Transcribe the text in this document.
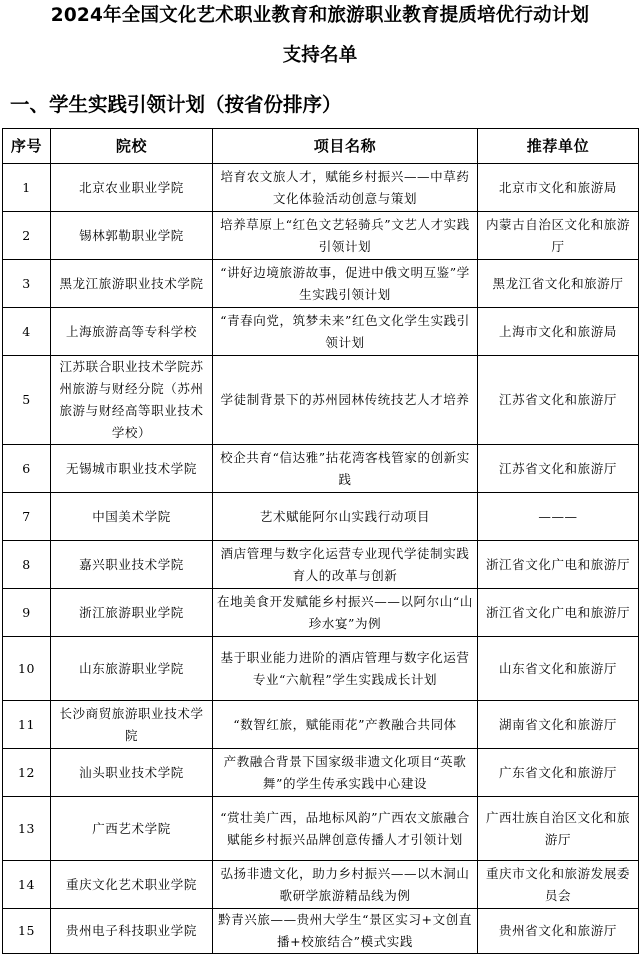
2024年全国文化艺术职业教育和旅游职业教育提质培优行动计划
支持名单
一、学生实践引领计划（按省份排序）
序号	院校	项目名称	推荐单位
1	北京农业职业学院	培育农文旅人才，赋能乡村振兴——中草药文化体验活动创意与策划	北京市文化和旅游局
2	锡林郭勒职业学院	培养草原上“红色文艺轻骑兵”文艺人才实践引领计划	内蒙古自治区文化和旅游厅
3	黑龙江旅游职业技术学院	“讲好边境旅游故事，促进中俄文明互鉴”学生实践引领计划	黑龙江省文化和旅游厅
4	上海旅游高等专科学校	“青春向党，筑梦未来”红色文化学生实践引领计划	上海市文化和旅游局
5	江苏联合职业技术学院苏州旅游与财经分院（苏州旅游与财经高等职业技术学校）	学徒制背景下的苏州园林传统技艺人才培养	江苏省文化和旅游厅
6	无锡城市职业技术学院	校企共育“信达雅”拈花湾客栈管家的创新实践	江苏省文化和旅游厅
7	中国美术学院	艺术赋能阿尔山实践行动项目	———
8	嘉兴职业技术学院	酒店管理与数字化运营专业现代学徒制实践育人的改革与创新	浙江省文化广电和旅游厅
9	浙江旅游职业学院	在地美食开发赋能乡村振兴——以阿尔山“山珍水宴”为例	浙江省文化广电和旅游厅
10	山东旅游职业学院	基于职业能力进阶的酒店管理与数字化运营专业“六航程”学生实践成长计划	山东省文化和旅游厅
11	长沙商贸旅游职业技术学院	“数智红旅，赋能雨花”产教融合共同体	湖南省文化和旅游厅
12	汕头职业技术学院	产教融合背景下国家级非遗文化项目“英歌舞”的学生传承实践中心建设	广东省文化和旅游厅
13	广西艺术学院	“赏壮美广西，品地标风韵”广西农文旅融合赋能乡村振兴品牌创意传播人才引领计划	广西壮族自治区文化和旅游厅
14	重庆文化艺术职业学院	弘扬非遗文化，助力乡村振兴——以木洞山歌研学旅游精品线为例	重庆市文化和旅游发展委员会
15	贵州电子科技职业学院	黔青兴旅——贵州大学生“景区实习+文创直播+校旅结合”模式实践	贵州省文化和旅游厅
